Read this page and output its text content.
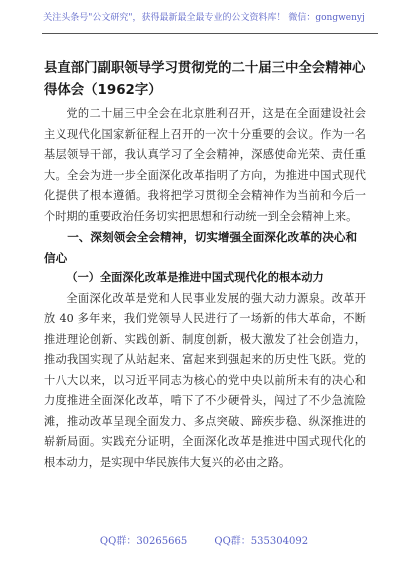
关注头条号"公文研究"，获得最新最全最专业的公文资料库！ 微信：gongwenyj

县直部门副职领导学习贯彻党的二十届三中全会精神心得体会（1962字）

党的二十届三中全会在北京胜利召开，这是在全面建设社会主义现代化国家新征程上召开的一次十分重要的会议。作为一名基层领导干部，我认真学习了全会精神，深感使命光荣、责任重大。全会为进一步全面深化改革指明了方向，为推进中国式现代化提供了根本遵循。我将把学习贯彻全会精神作为当前和今后一个时期的重要政治任务切实把思想和行动统一到全会精神上来。

一、深刻领会全会精神，切实增强全面深化改革的决心和信心

（一）全面深化改革是推进中国式现代化的根本动力

全面深化改革是党和人民事业发展的强大动力源泉。改革开放 40 多年来，我们党领导人民进行了一场新的伟大革命，不断推进理论创新、实践创新、制度创新，极大激发了社会创造力，推动我国实现了从站起来、富起来到强起来的历史性飞跃。党的十八大以来，以习近平同志为核心的党中央以前所未有的决心和力度推进全面深化改革，啃下了不少硬骨头，闯过了不少急流险滩，推动改革呈现全面发力、多点突破、蹄疾步稳、纵深推进的崭新局面。实践充分证明，全面深化改革是推进中国式现代化的根本动力，是实现中华民族伟大复兴的必由之路。

QQ群：30265665	QQ群：535304092
